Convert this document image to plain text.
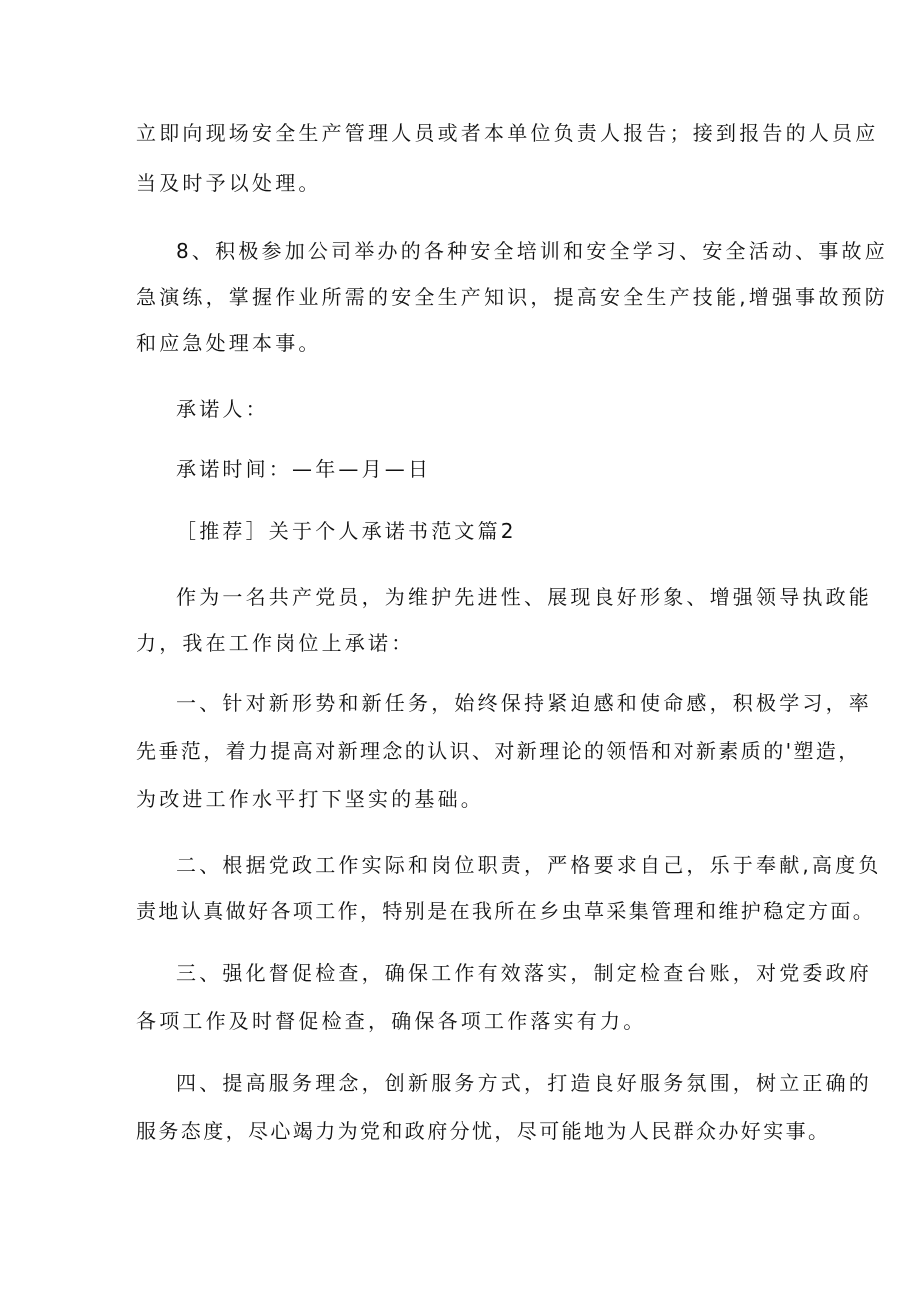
立即向现场安全生产管理人员或者本单位负责人报告；接到报告的人员应
当及时予以处理。
8、积极参加公司举办的各种安全培训和安全学习、安全活动、事故应
急演练，掌握作业所需的安全生产知识，提高安全生产技能,增强事故预防
和应急处理本事。
承诺人：
承诺时间：—年—月—日
［推荐］关于个人承诺书范文篇2
作为一名共产党员，为维护先进性、展现良好形象、增强领导执政能
力，我在工作岗位上承诺：
一、针对新形势和新任务，始终保持紧迫感和使命感，积极学习，率
先垂范，着力提高对新理念的认识、对新理论的领悟和对新素质的'塑造，
为改进工作水平打下坚实的基础。
二、根据党政工作实际和岗位职责，严格要求自己，乐于奉献,高度负
责地认真做好各项工作，特别是在我所在乡虫草采集管理和维护稳定方面。
三、强化督促检查，确保工作有效落实，制定检查台账，对党委政府
各项工作及时督促检查，确保各项工作落实有力。
四、提高服务理念，创新服务方式，打造良好服务氛围，树立正确的
服务态度，尽心竭力为党和政府分忧，尽可能地为人民群众办好实事。
